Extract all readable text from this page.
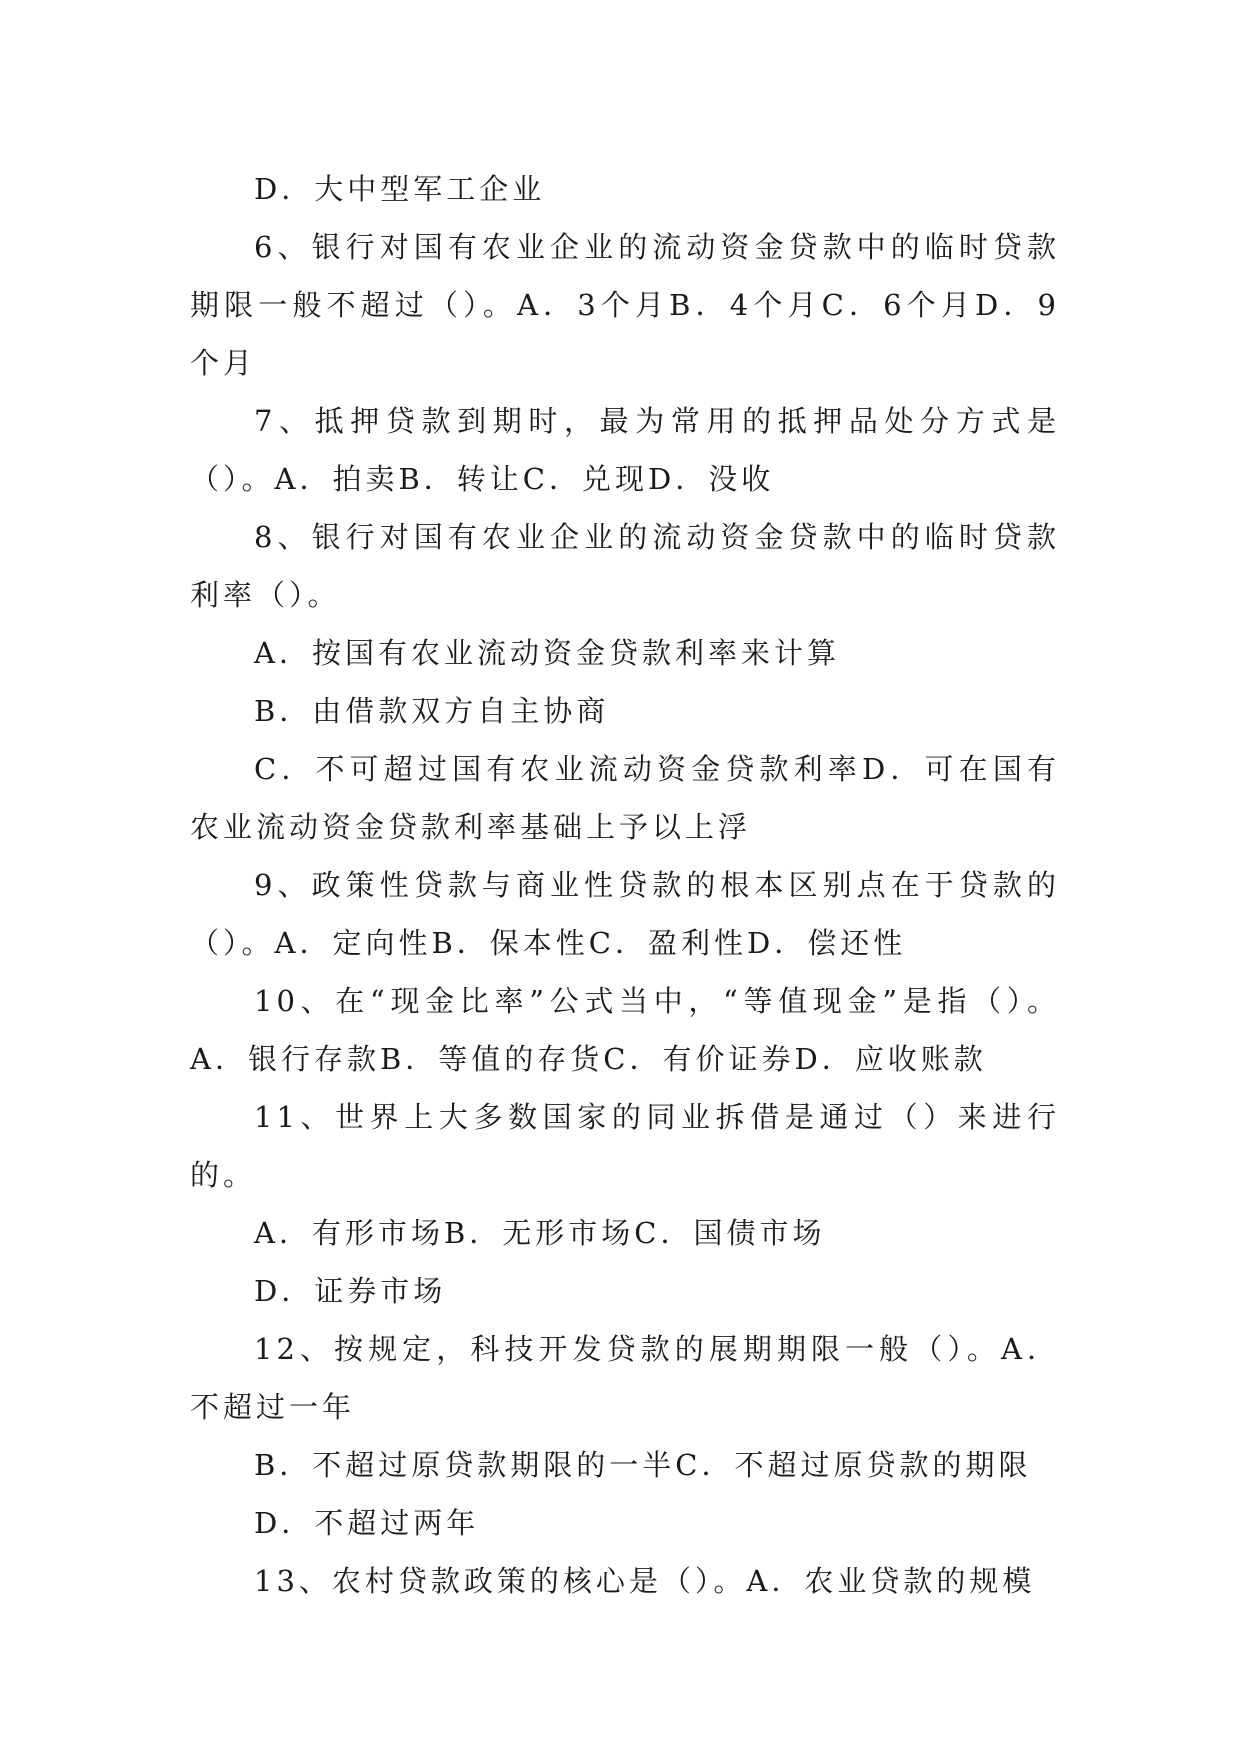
D．大中型军工企业

6、银行对国有农业企业的流动资金贷款中的临时贷款期限一般不超过（）。A．3个月B．4个月C．6个月D．9个月

7、抵押贷款到期时，最为常用的抵押品处分方式是（）。A．拍卖B．转让C．兑现D．没收

8、银行对国有农业企业的流动资金贷款中的临时贷款利率（）。

A．按国有农业流动资金贷款利率来计算

B．由借款双方自主协商

C．不可超过国有农业流动资金贷款利率D．可在国有农业流动资金贷款利率基础上予以上浮

9、政策性贷款与商业性贷款的根本区别点在于贷款的（）。A．定向性B．保本性C．盈利性D．偿还性

10、在“现金比率”公式当中，“等值现金”是指（）。A．银行存款B．等值的存货C．有价证券D．应收账款

11、世界上大多数国家的同业拆借是通过（）来进行的。

A．有形市场B．无形市场C．国债市场

D．证券市场

12、按规定，科技开发贷款的展期期限一般（）。A．不超过一年

B．不超过原贷款期限的一半C．不超过原贷款的期限

D．不超过两年

13、农村贷款政策的核心是（）。A．农业贷款的规模
